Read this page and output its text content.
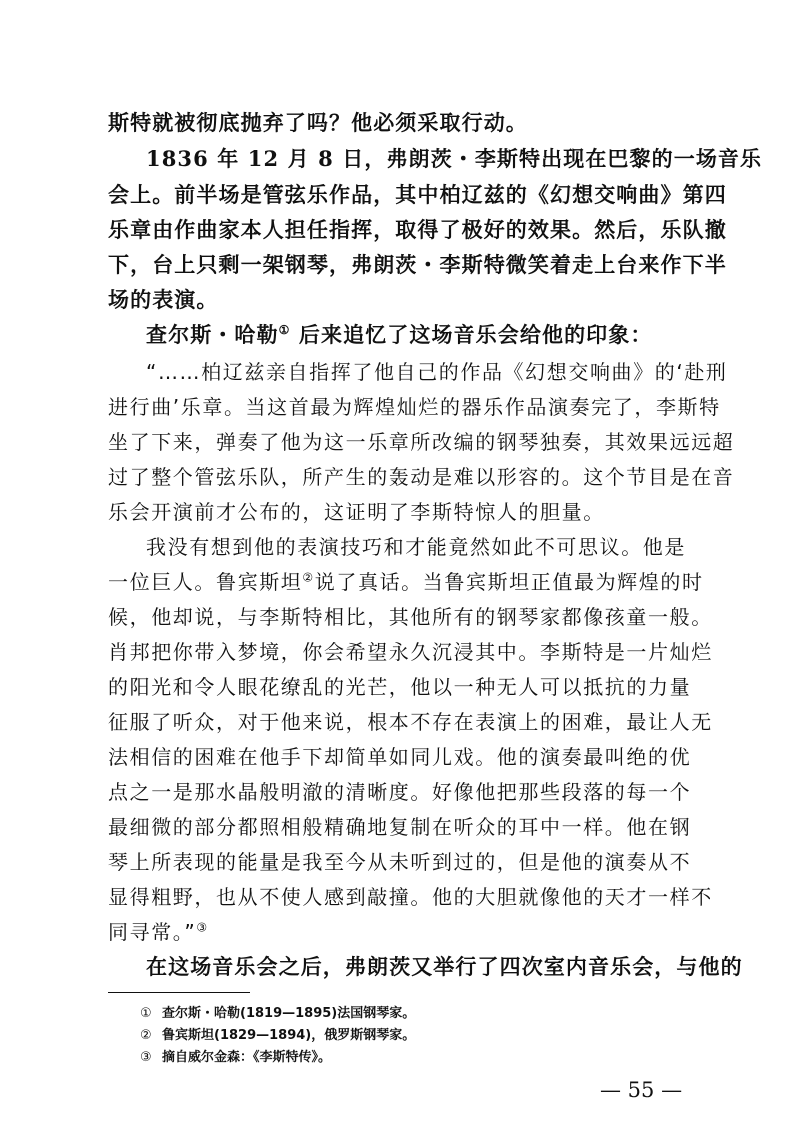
斯特就被彻底抛弃了吗？他必须采取行动。
1836 年 12 月 8 日，弗朗茨・李斯特出现在巴黎的一场音乐
会上。前半场是管弦乐作品，其中柏辽兹的《幻想交响曲》第四
乐章由作曲家本人担任指挥，取得了极好的效果。然后，乐队撤
下，台上只剩一架钢琴，弗朗茨・李斯特微笑着走上台来作下半
场的表演。
查尔斯・哈勒① 后来追忆了这场音乐会给他的印象：
“……柏辽兹亲自指挥了他自己的作品《幻想交响曲》的‘赴刑
进行曲’乐章。当这首最为辉煌灿烂的器乐作品演奏完了，李斯特
坐了下来，弹奏了他为这一乐章所改编的钢琴独奏，其效果远远超
过了整个管弦乐队，所产生的轰动是难以形容的。这个节目是在音
乐会开演前才公布的，这证明了李斯特惊人的胆量。
我没有想到他的表演技巧和才能竟然如此不可思议。他是
一位巨人。鲁宾斯坦②说了真话。当鲁宾斯坦正值最为辉煌的时
候，他却说，与李斯特相比，其他所有的钢琴家都像孩童一般。
肖邦把你带入梦境，你会希望永久沉浸其中。李斯特是一片灿烂
的阳光和令人眼花缭乱的光芒，他以一种无人可以抵抗的力量
征服了听众，对于他来说，根本不存在表演上的困难，最让人无
法相信的困难在他手下却简单如同儿戏。他的演奏最叫绝的优
点之一是那水晶般明澈的清晰度。好像他把那些段落的每一个
最细微的部分都照相般精确地复制在听众的耳中一样。他在钢
琴上所表现的能量是我至今从未听到过的，但是他的演奏从不
显得粗野，也从不使人感到敲撞。他的大胆就像他的天才一样不
同寻常。”③
在这场音乐会之后，弗朗茨又举行了四次室内音乐会，与他的
① 查尔斯・哈勒(1819—1895)法国钢琴家。
② 鲁宾斯坦(1829—1894)，俄罗斯钢琴家。
③ 摘自威尔金森：《李斯特传》。
— 55 —
